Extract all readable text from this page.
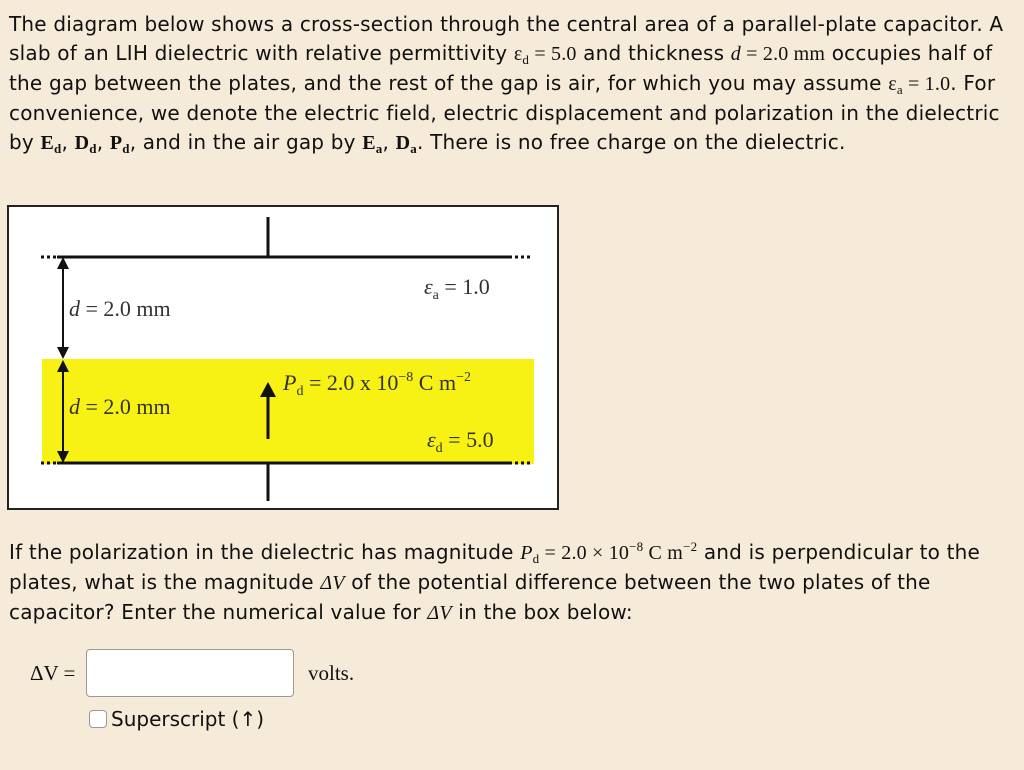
The diagram below shows a cross-section through the central area of a parallel-plate capacitor. A slab of an LIH dielectric with relative permittivity $\varepsilon_d = 5.0$ and thickness d = 2.0 mm occupies half of the gap between the plates, and the rest of the gap is air, for which you may assume $\varepsilon_a = 1.0$. For convenience, we denote the electric field, electric displacement and polarization in the dielectric by $E_d$, $D_d$, $P_d$, and in the air gap by $E_a$, $D_a$. There is no free charge on the dielectric.
d = 2.0 mm
d = 2.0 mm
$\varepsilon_a = 1.0$
$P_d = 2.0$ x $10^{-8}$ C $m^{-2}$
$\varepsilon_d = 5.0$
If the polarization in the dielectric has magnitude $P_d = 2.0 \times 10^{-8}$ C $m^{-2}$ and is perpendicular to the plates, what is the magnitude ΔV of the potential difference between the two plates of the capacitor? Enter the numerical value for ΔV in the box below:
ΔV =	volts.
Superscript (↑)
